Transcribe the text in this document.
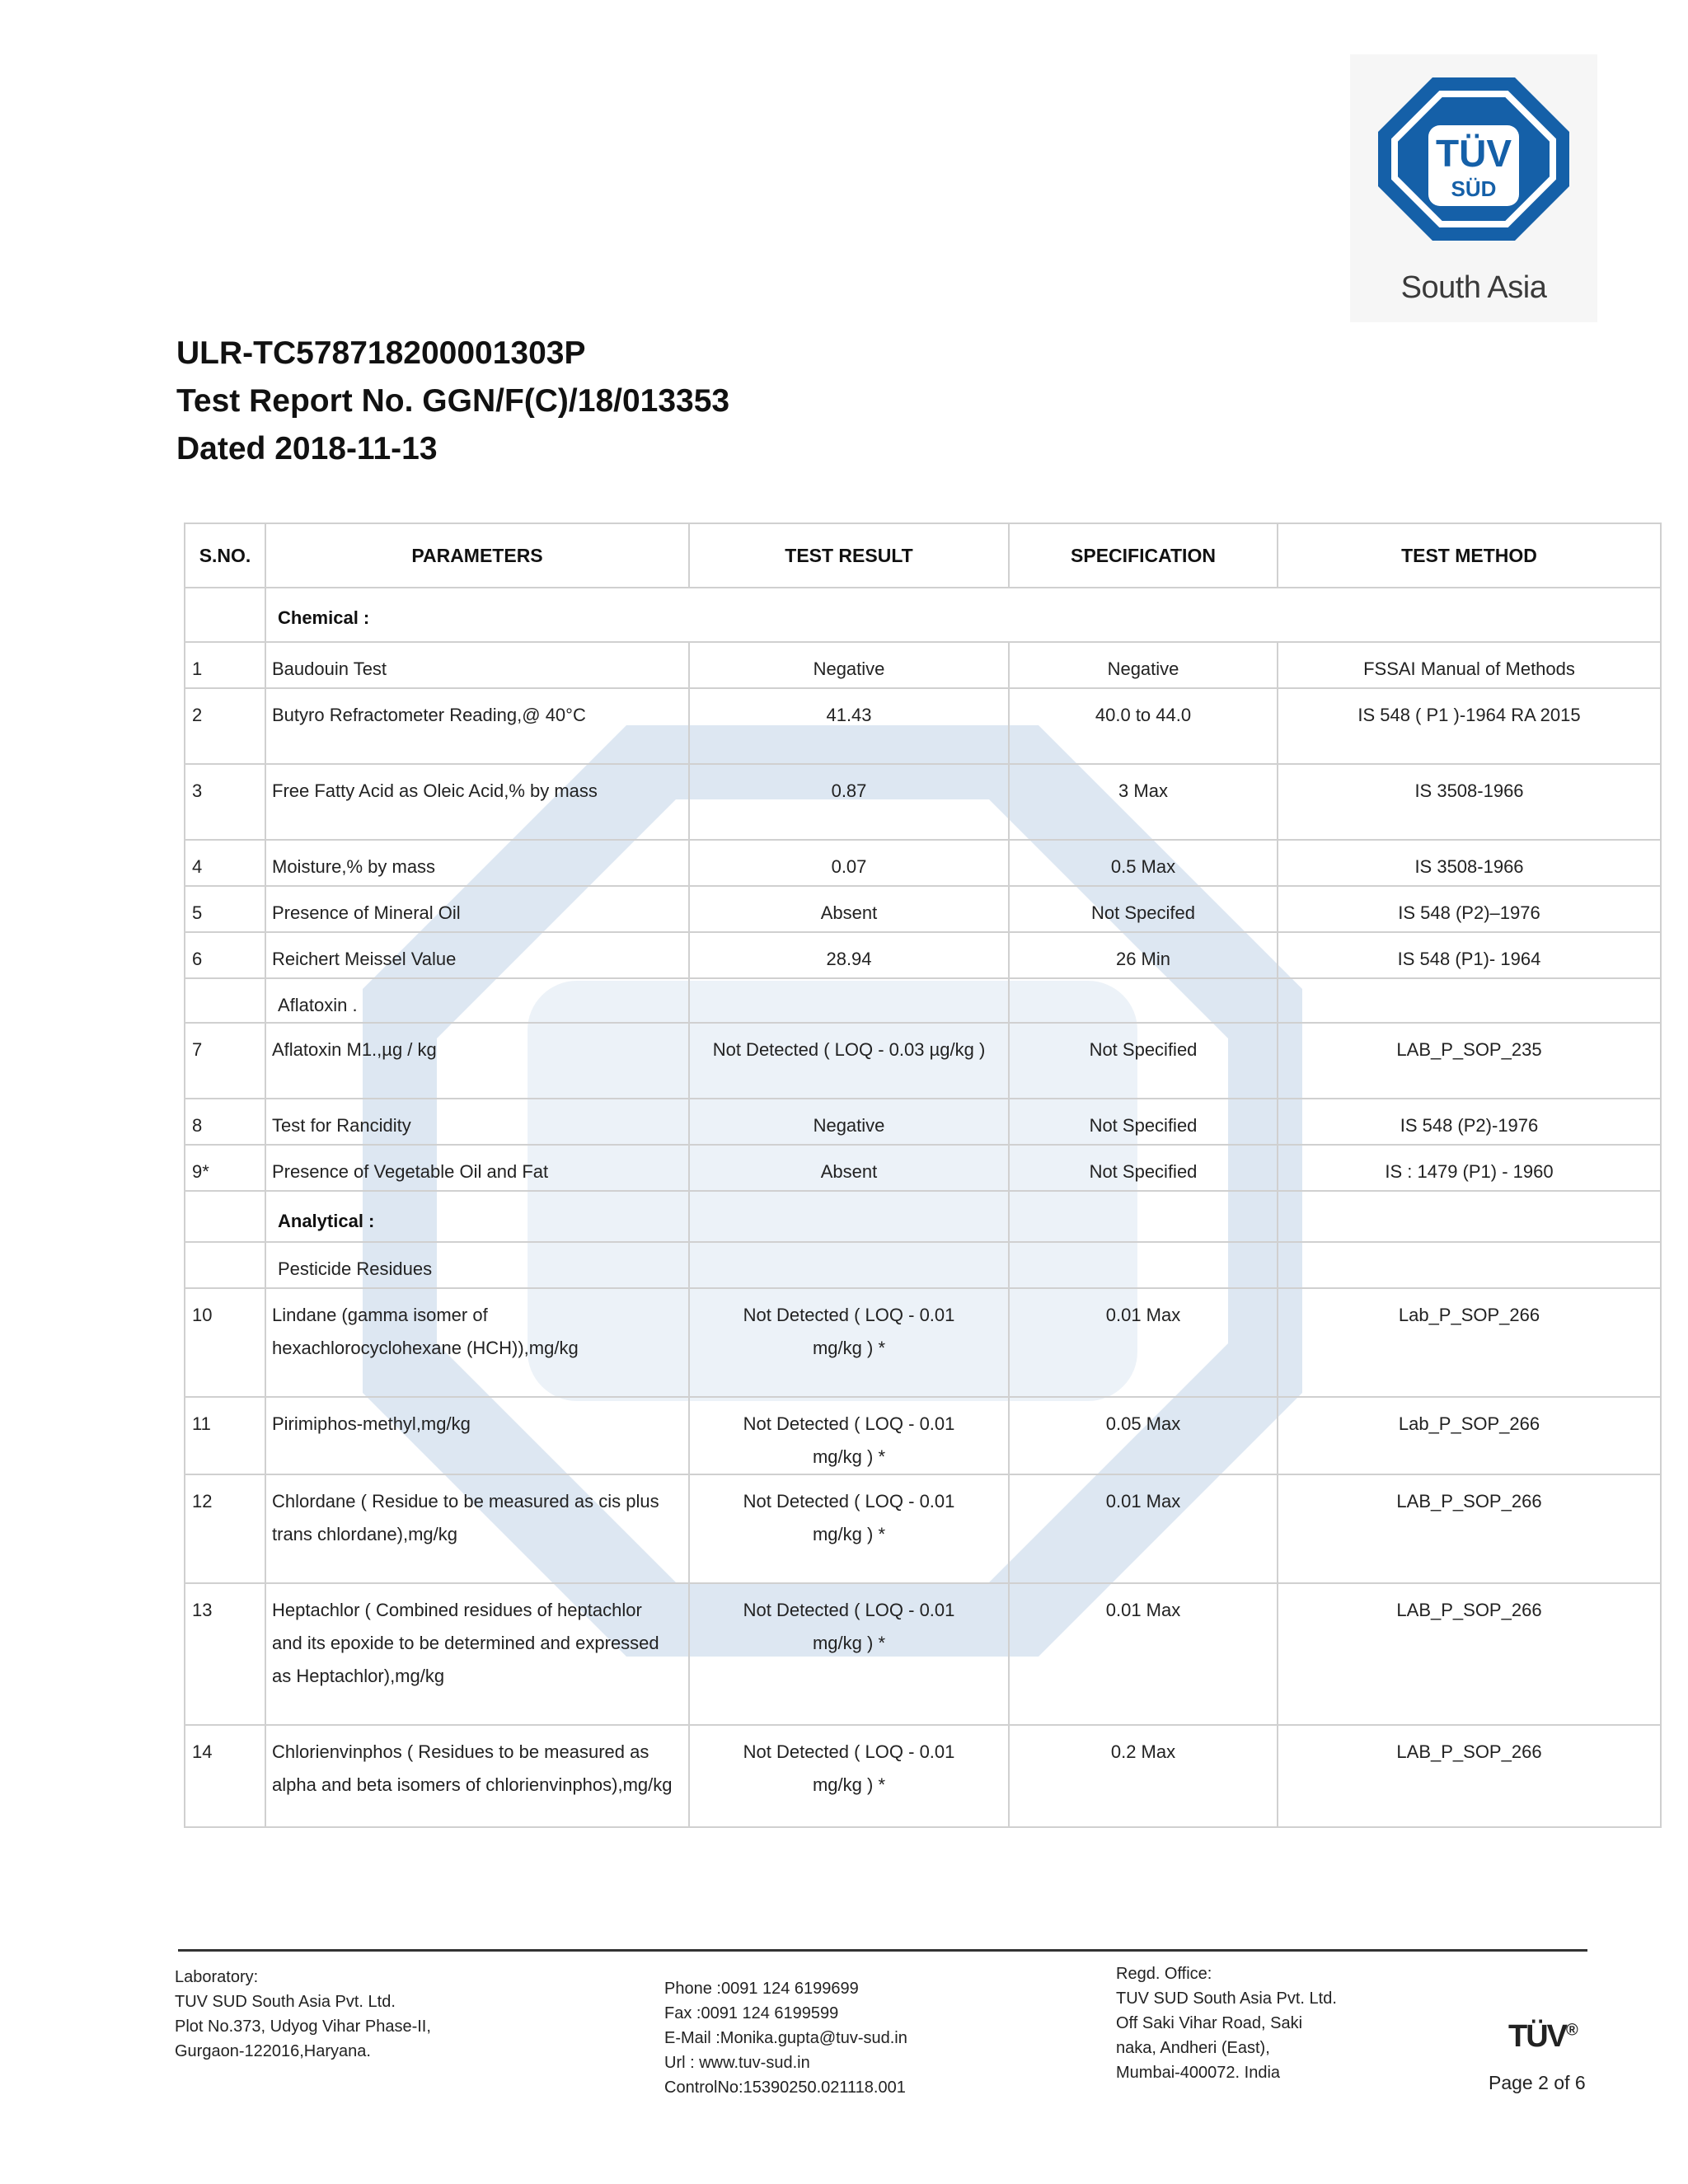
TÜV
SÜD
South Asia
ULR-TC578718200001303P
Test Report No. GGN/F(C)/18/013353
Dated 2018-11-13
S.NO.	PARAMETERS	TEST RESULT	SPECIFICATION	TEST METHOD
	Chemical :			
1	Baudouin Test	Negative	Negative	FSSAI Manual of Methods
2	Butyro Refractometer Reading,@ 40°C	41.43	40.0 to 44.0	IS 548 ( P1 )-1964 RA 2015
3	Free Fatty Acid as Oleic Acid,% by mass	0.87	3 Max	IS 3508-1966
4	Moisture,% by mass	0.07	0.5 Max	IS 3508-1966
5	Presence of Mineral Oil	Absent	Not Specifed	IS 548 (P2)–1976
6	Reichert Meissel Value	28.94	26 Min	IS 548 (P1)- 1964
	Aflatoxin .			
7	Aflatoxin M1.,µg / kg	Not Detected ( LOQ - 0.03 µg/kg )	Not Specified	LAB_P_SOP_235
8	Test for Rancidity	Negative	Not Specified	IS 548 (P2)-1976
9*	Presence of Vegetable Oil and Fat	Absent	Not Specified	IS : 1479 (P1) - 1960
	Analytical :			
	Pesticide Residues			
10	Lindane (gamma isomer of hexachlorocyclohexane (HCH)),mg/kg	Not Detected ( LOQ - 0.01 mg/kg ) *	0.01 Max	Lab_P_SOP_266
11	Pirimiphos-methyl,mg/kg	Not Detected ( LOQ - 0.01 mg/kg ) *	0.05 Max	Lab_P_SOP_266
12	Chlordane ( Residue to be measured as cis plus trans chlordane),mg/kg	Not Detected ( LOQ - 0.01 mg/kg ) *	0.01 Max	LAB_P_SOP_266
13	Heptachlor ( Combined residues of heptachlor and its epoxide to be determined and expressed as Heptachlor),mg/kg	Not Detected ( LOQ - 0.01 mg/kg ) *	0.01 Max	LAB_P_SOP_266
14	Chlorienvinphos ( Residues to be measured as alpha and beta isomers of chlorienvinphos),mg/kg	Not Detected ( LOQ - 0.01 mg/kg ) *	0.2 Max	LAB_P_SOP_266
Laboratory:
TUV SUD South Asia Pvt. Ltd.
Plot No.373, Udyog Vihar Phase-II,
Gurgaon-122016,Haryana.
Phone :0091 124 6199699
Fax :0091 124 6199599
E-Mail :Monika.gupta@tuv-sud.in
Url : www.tuv-sud.in
ControlNo:15390250.021118.001
Regd. Office:
TUV SUD South Asia Pvt. Ltd.
Off Saki Vihar Road, Saki
naka, Andheri (East),
Mumbai-400072. India
TÜV®
Page 2 of 6
